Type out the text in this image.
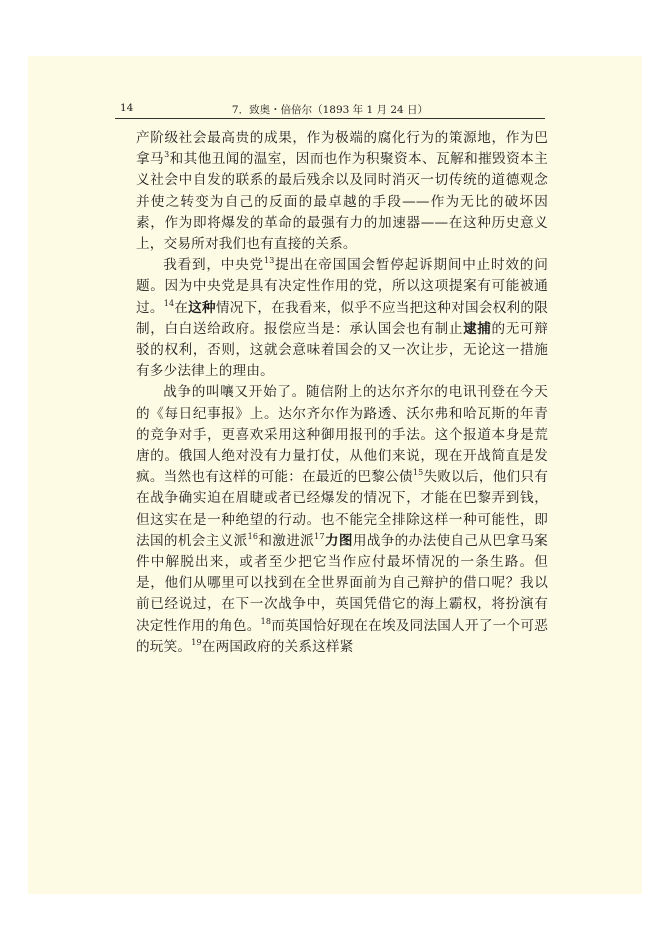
14	7．致奥・倍倍尔（1893 年 1 月 24 日）

产阶级社会最高贵的成果，作为极端的腐化行为的策源地，作为巴拿马$^3$和其他丑闻的温室，因而也作为积聚资本、瓦解和摧毁资本主义社会中自发的联系的最后残余以及同时消灭一切传统的道德观念并使之转变为自己的反面的最卓越的手段——作为无比的破坏因素，作为即将爆发的革命的最强有力的加速器——在这种历史意义上，交易所对我们也有直接的关系。

我看到，中央党$^{13}$提出在帝国国会暂停起诉期间中止时效的问题。因为中央党是具有决定性作用的党，所以这项提案有可能被通过。$^{14}$在这种情况下，在我看来，似乎不应当把这种对国会权利的限制，白白送给政府。报偿应当是：承认国会也有制止逮捕的无可辩驳的权利，否则，这就会意味着国会的又一次让步，无论这一措施有多少法律上的理由。

战争的叫嚷又开始了。随信附上的达尔齐尔的电讯刊登在今天的《每日纪事报》上。达尔齐尔作为路透、沃尔弗和哈瓦斯的年青的竞争对手，更喜欢采用这种御用报刊的手法。这个报道本身是荒唐的。俄国人绝对没有力量打仗，从他们来说，现在开战简直是发疯。当然也有这样的可能：在最近的巴黎公债$^{15}$失败以后，他们只有在战争确实迫在眉睫或者已经爆发的情况下，才能在巴黎弄到钱，但这实在是一种绝望的行动。也不能完全排除这样一种可能性，即法国的机会主义派$^{16}$和激进派$^{17}$力图用战争的办法使自己从巴拿马案件中解脱出来，或者至少把它当作应付最坏情况的一条生路。但是，他们从哪里可以找到在全世界面前为自己辩护的借口呢？我以前已经说过，在下一次战争中，英国凭借它的海上霸权，将扮演有决定性作用的角色。$^{18}$而英国恰好现在在埃及同法国人开了一个可恶的玩笑。$^{19}$在两国政府的关系这样紧
